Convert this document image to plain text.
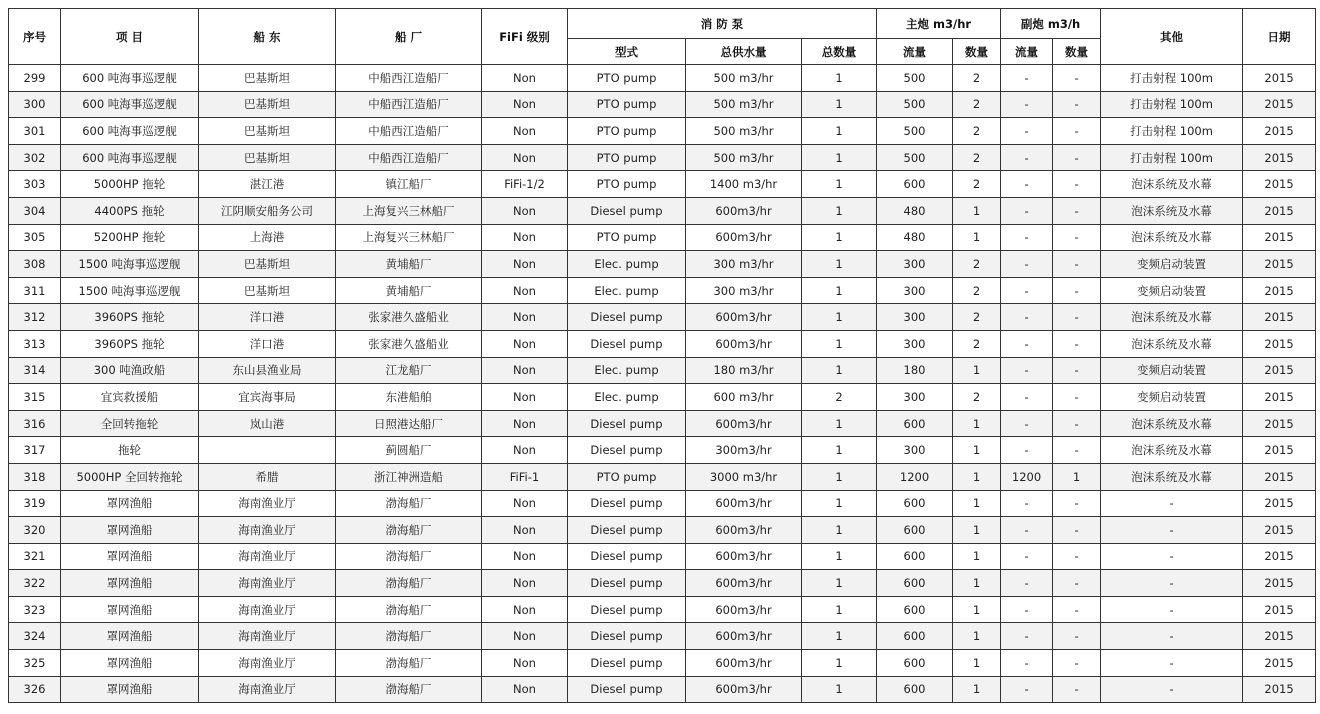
序号	项 目	船 东	船 厂	FiFi 级别	消 防 泵			主炮 m3/hr		副炮 m3/h		其他	日期
					型式	总供水量	总数量	流量	数量	流量	数量		
299	600 吨海事巡逻舰	巴基斯坦	中船西江造船厂	Non	PTO pump	500 m3/hr	1	500	2	-	-	打击射程 100m	2015
300	600 吨海事巡逻舰	巴基斯坦	中船西江造船厂	Non	PTO pump	500 m3/hr	1	500	2	-	-	打击射程 100m	2015
301	600 吨海事巡逻舰	巴基斯坦	中船西江造船厂	Non	PTO pump	500 m3/hr	1	500	2	-	-	打击射程 100m	2015
302	600 吨海事巡逻舰	巴基斯坦	中船西江造船厂	Non	PTO pump	500 m3/hr	1	500	2	-	-	打击射程 100m	2015
303	5000HP 拖轮	湛江港	镇江船厂	FiFi-1/2	PTO pump	1400 m3/hr	1	600	2	-	-	泡沫系统及水幕	2015
304	4400PS 拖轮	江阴顺安船务公司	上海复兴三林船厂	Non	Diesel pump	600m3/hr	1	480	1	-	-	泡沫系统及水幕	2015
305	5200HP 拖轮	上海港	上海复兴三林船厂	Non	PTO pump	600m3/hr	1	480	1	-	-	泡沫系统及水幕	2015
308	1500 吨海事巡逻舰	巴基斯坦	黄埔船厂	Non	Elec. pump	300 m3/hr	1	300	2	-	-	变频启动装置	2015
311	1500 吨海事巡逻舰	巴基斯坦	黄埔船厂	Non	Elec. pump	300 m3/hr	1	300	2	-	-	变频启动装置	2015
312	3960PS 拖轮	洋口港	张家港久盛船业	Non	Diesel pump	600m3/hr	1	300	2	-	-	泡沫系统及水幕	2015
313	3960PS 拖轮	洋口港	张家港久盛船业	Non	Diesel pump	600m3/hr	1	300	2	-	-	泡沫系统及水幕	2015
314	300 吨渔政船	东山县渔业局	江龙船厂	Non	Elec. pump	180 m3/hr	1	180	1	-	-	变频启动装置	2015
315	宜宾救援船	宜宾海事局	东港船舶	Non	Elec. pump	600 m3/hr	2	300	2	-	-	变频启动装置	2015
316	全回转拖轮	岚山港	日照港达船厂	Non	Diesel pump	600m3/hr	1	600	1	-	-	泡沫系统及水幕	2015
317	拖轮		蓟圆船厂	Non	Diesel pump	300m3/hr	1	300	1	-	-	泡沫系统及水幕	2015
318	5000HP 全回转拖轮	希腊	浙江神洲造船	FiFi-1	PTO pump	3000 m3/hr	1	1200	1	1200	1	泡沫系统及水幕	2015
319	罩网渔船	海南渔业厅	渤海船厂	Non	Diesel pump	600m3/hr	1	600	1	-	-	-	2015
320	罩网渔船	海南渔业厅	渤海船厂	Non	Diesel pump	600m3/hr	1	600	1	-	-	-	2015
321	罩网渔船	海南渔业厅	渤海船厂	Non	Diesel pump	600m3/hr	1	600	1	-	-	-	2015
322	罩网渔船	海南渔业厅	渤海船厂	Non	Diesel pump	600m3/hr	1	600	1	-	-	-	2015
323	罩网渔船	海南渔业厅	渤海船厂	Non	Diesel pump	600m3/hr	1	600	1	-	-	-	2015
324	罩网渔船	海南渔业厅	渤海船厂	Non	Diesel pump	600m3/hr	1	600	1	-	-	-	2015
325	罩网渔船	海南渔业厅	渤海船厂	Non	Diesel pump	600m3/hr	1	600	1	-	-	-	2015
326	罩网渔船	海南渔业厅	渤海船厂	Non	Diesel pump	600m3/hr	1	600	1	-	-	-	2015
